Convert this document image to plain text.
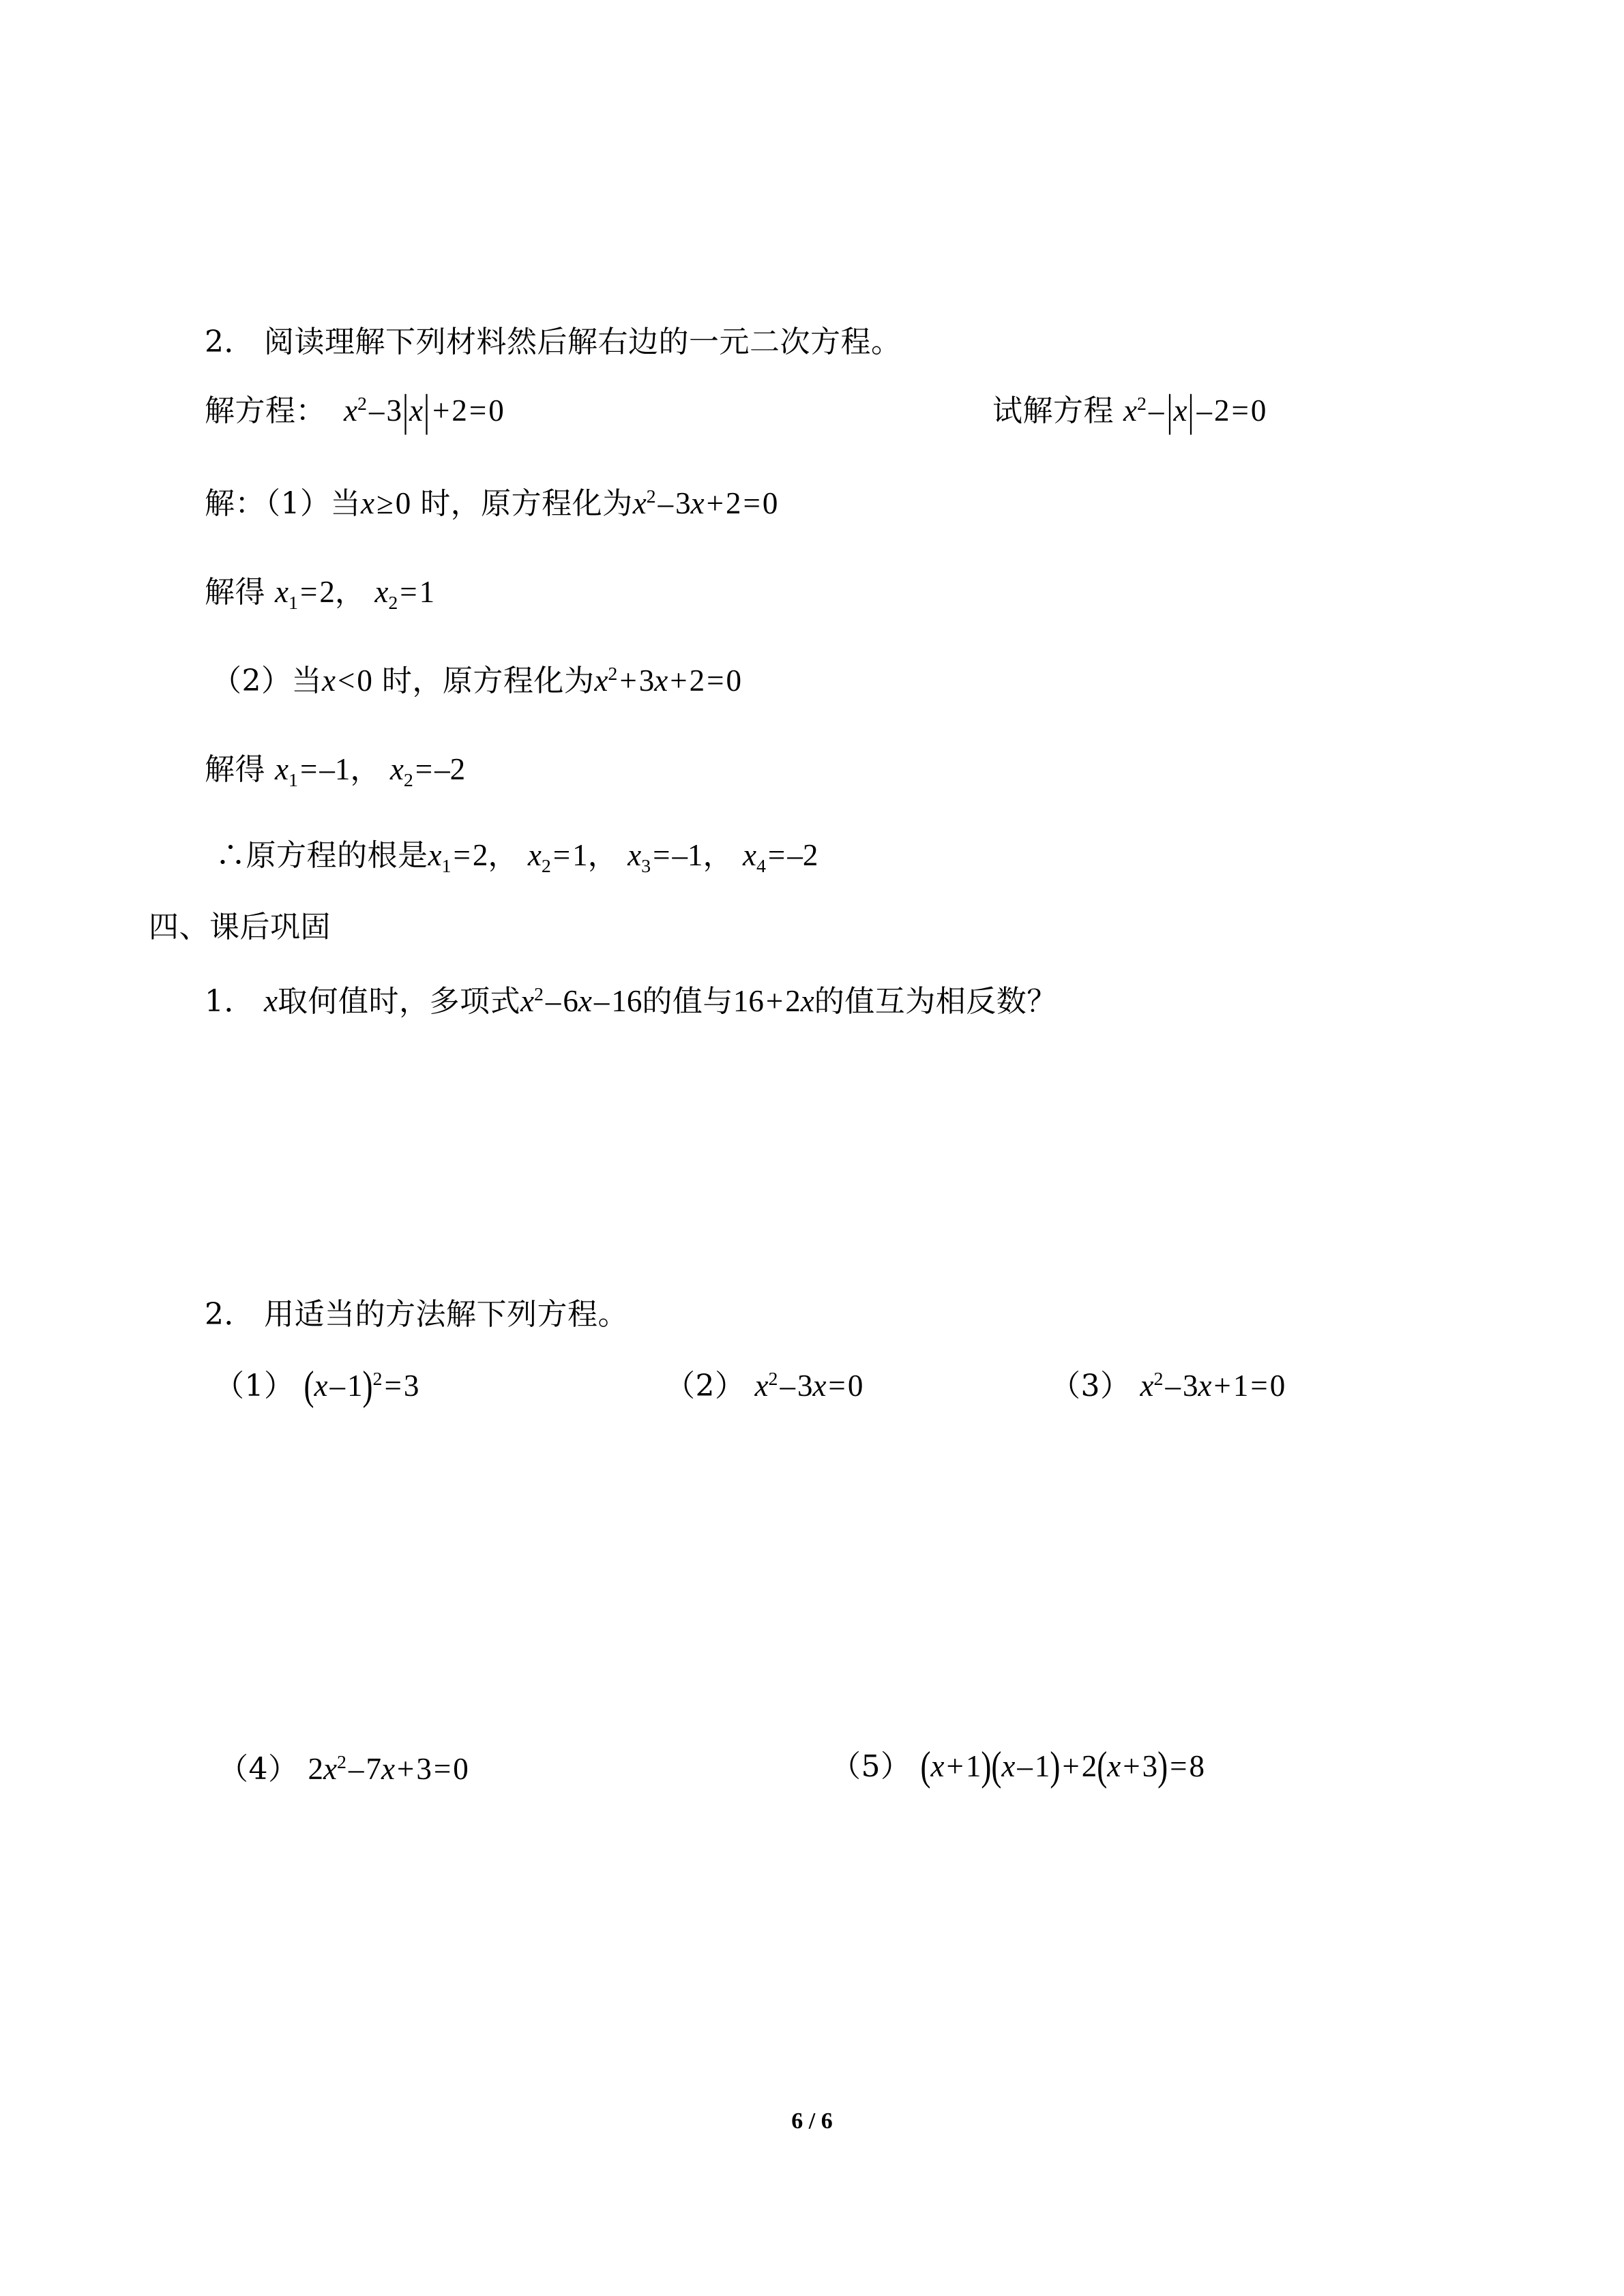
2． 阅读理解下列材料然后解右边的一元二次方程。
解方程： $x^2-3|x|+2=0$	试解方程 $x^2-|x|-2=0$
解：（1）当x≥0 时，原方程化为$x^2-3x+2=0$
解得 $x_1=2$， $x_2=1$
（2）当x<0 时，原方程化为$x^2+3x+2=0$
解得 $x_1=-1$， $x_2=-2$
∴原方程的根是$x_1=2$， $x_2=1$， $x_3=-1$， $x_4=-2$
四、课后巩固
1． x取何值时，多项式$x^2-6x-16$的值与16+2x的值互为相反数？
2． 用适当的方法解下列方程。
（1） $(x-1)^2=3$	（2） $x^2-3x=0$	（3） $x^2-3x+1=0$
（4） $2x^2-7x+3=0$	（5） (x+1)(x–1)+2(x+3)=8
6 / 6
